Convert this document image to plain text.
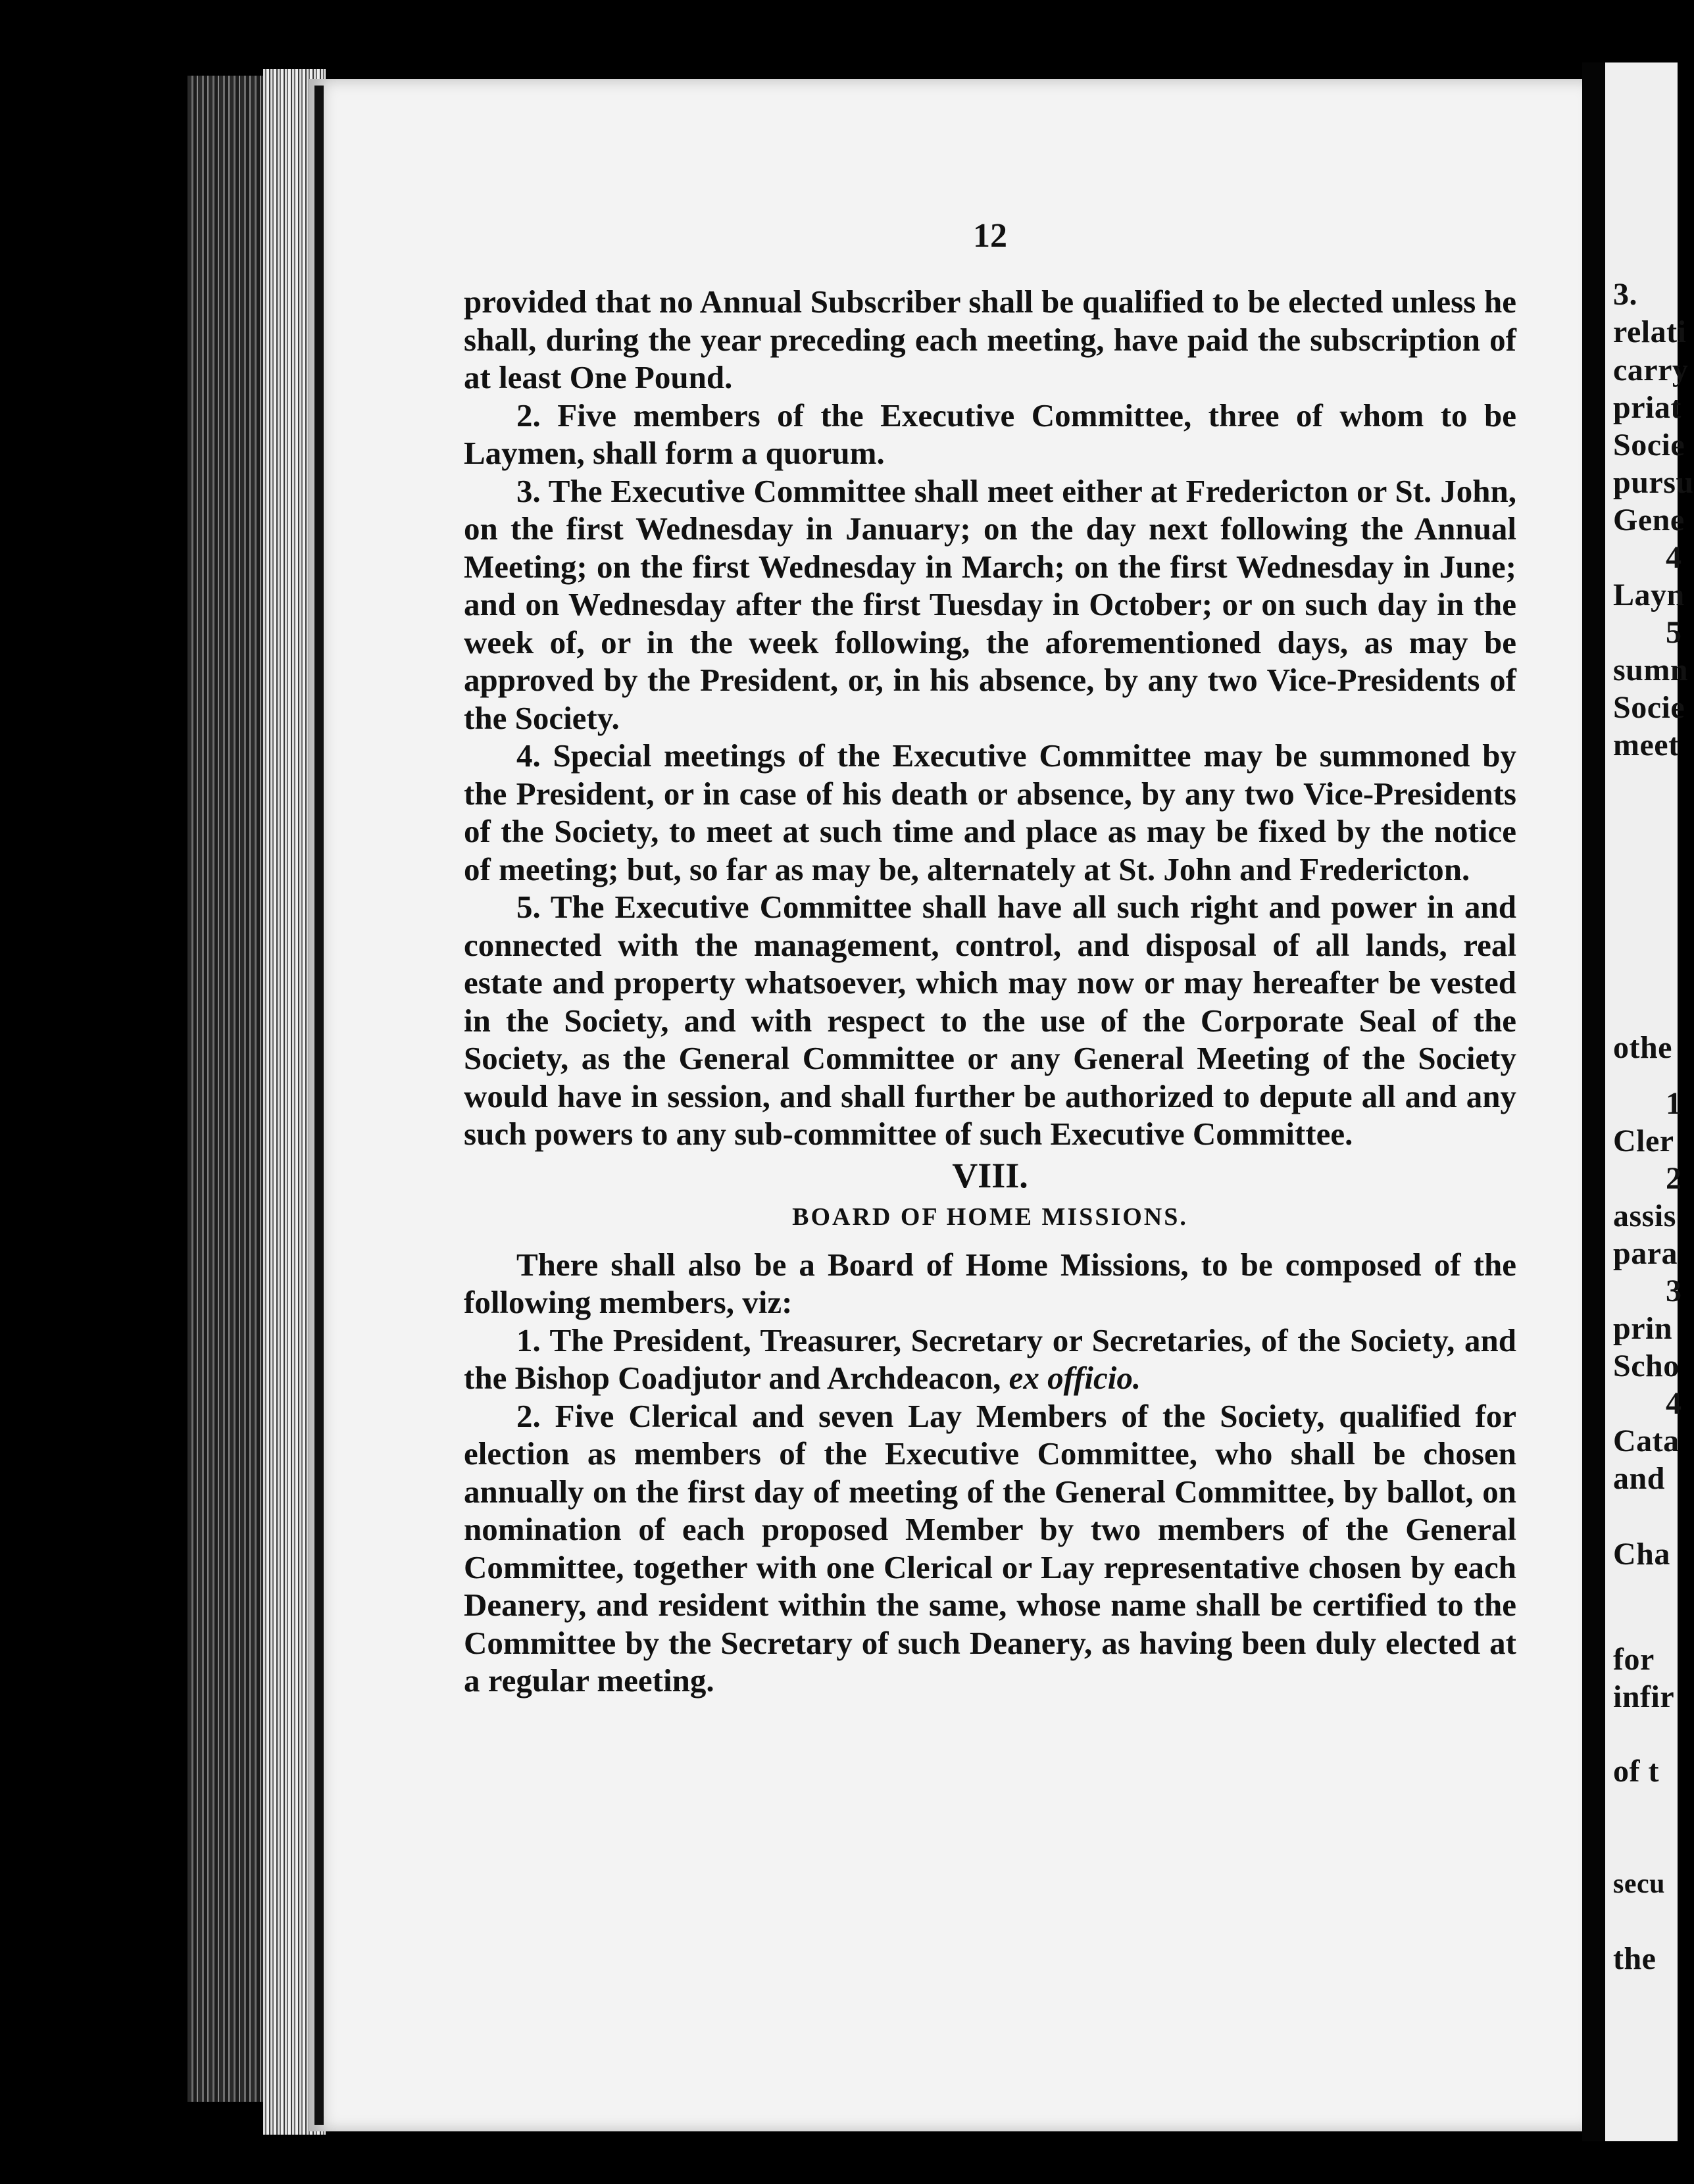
3.
relati
carry
priat
Socie
pursu
Gene
4
Layn
5
sumn
Socie
meet
othe
1
Cler
2
assis
para
3
prin
Scho
4
Cata
and
Cha
for
infir
of t
secu
the
12

provided that no Annual Subscriber shall be qualified to be elected unless he shall, during the year preceding each meeting, have paid the subscription of at least One Pound.

2. Five members of the Executive Committee, three of whom to be Laymen, shall form a quorum.

3. The Executive Committee shall meet either at Fredericton or St. John, on the first Wednesday in January; on the day next following the Annual Meeting; on the first Wednesday in March; on the first Wednesday in June; and on Wednesday after the first Tuesday in October; or on such day in the week of, or in the week following, the aforementioned days, as may be approved by the President, or, in his absence, by any two Vice-Presidents of the Society.

4. Special meetings of the Executive Committee may be summoned by the President, or in case of his death or absence, by any two Vice-Presidents of the Society, to meet at such time and place as may be fixed by the notice of meeting; but, so far as may be, alternately at St. John and Fredericton.

5. The Executive Committee shall have all such right and power in and connected with the management, control, and disposal of all lands, real estate and property whatsoever, which may now or may hereafter be vested in the Society, and with respect to the use of the Corporate Seal of the Society, as the General Committee or any General Meeting of the Society would have in session, and shall further be authorized to depute all and any such powers to any sub-committee of such Executive Committee.

VIII.
BOARD OF HOME MISSIONS.

There shall also be a Board of Home Missions, to be composed of the following members, viz:

1. The President, Treasurer, Secretary or Secretaries, of the Society, and the Bishop Coadjutor and Archdeacon, ex officio.

2. Five Clerical and seven Lay Members of the Society, qualified for election as members of the Executive Committee, who shall be chosen annually on the first day of meeting of the General Committee, by ballot, on nomination of each proposed Member by two members of the General Committee, together with one Clerical or Lay representative chosen by each Deanery, and resident within the same, whose name shall be certified to the Committee by the Secretary of such Deanery, as having been duly elected at a regular meeting.
